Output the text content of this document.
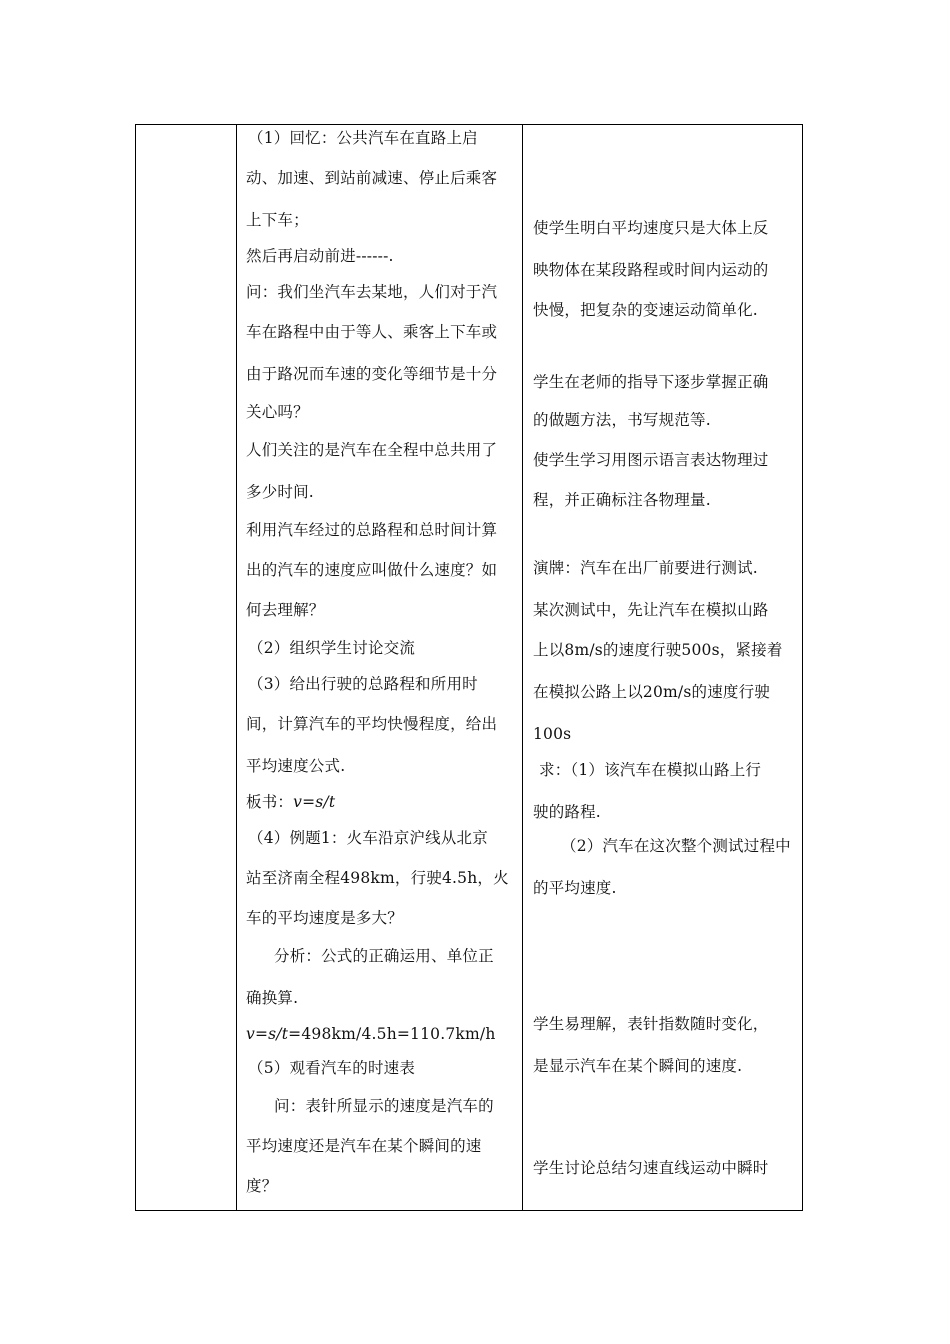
（1）回忆：公共汽车在直路上启
动、加速、到站前减速、停止后乘客
上下车；
然后再启动前进------.
问：我们坐汽车去某地，人们对于汽
车在路程中由于等人、乘客上下车或
由于路况而车速的变化等细节是十分
关心吗？
人们关注的是汽车在全程中总共用了
多少时间.
利用汽车经过的总路程和总时间计算
出的汽车的速度应叫做什么速度？如
何去理解？
（2）组织学生讨论交流
（3）给出行驶的总路程和所用时
间，计算汽车的平均快慢程度，给出
平均速度公式.
板书：v=s/t
（4）例题1：火车沿京沪线从北京
站至济南全程498km，行驶4.5h，火
车的平均速度是多大？
分析：公式的正确运用、单位正
确换算.
v=s/t=498km/4.5h=110.7km/h
（5）观看汽车的时速表
问：表针所显示的速度是汽车的
平均速度还是汽车在某个瞬间的速
度？
使学生明白平均速度只是大体上反
映物体在某段路程或时间内运动的
快慢，把复杂的变速运动简单化.
学生在老师的指导下逐步掌握正确
的做题方法，书写规范等.
使学生学习用图示语言表达物理过
程，并正确标注各物理量.
演牌：汽车在出厂前要进行测试.
某次测试中，先让汽车在模拟山路
上以8m/s的速度行驶500s，紧接着
在模拟公路上以20m/s的速度行驶
100s
求：（1）该汽车在模拟山路上行
驶的路程.
（2）汽车在这次整个测试过程中
的平均速度.
学生易理解，表针指数随时变化，
是显示汽车在某个瞬间的速度.
学生讨论总结匀速直线运动中瞬时
